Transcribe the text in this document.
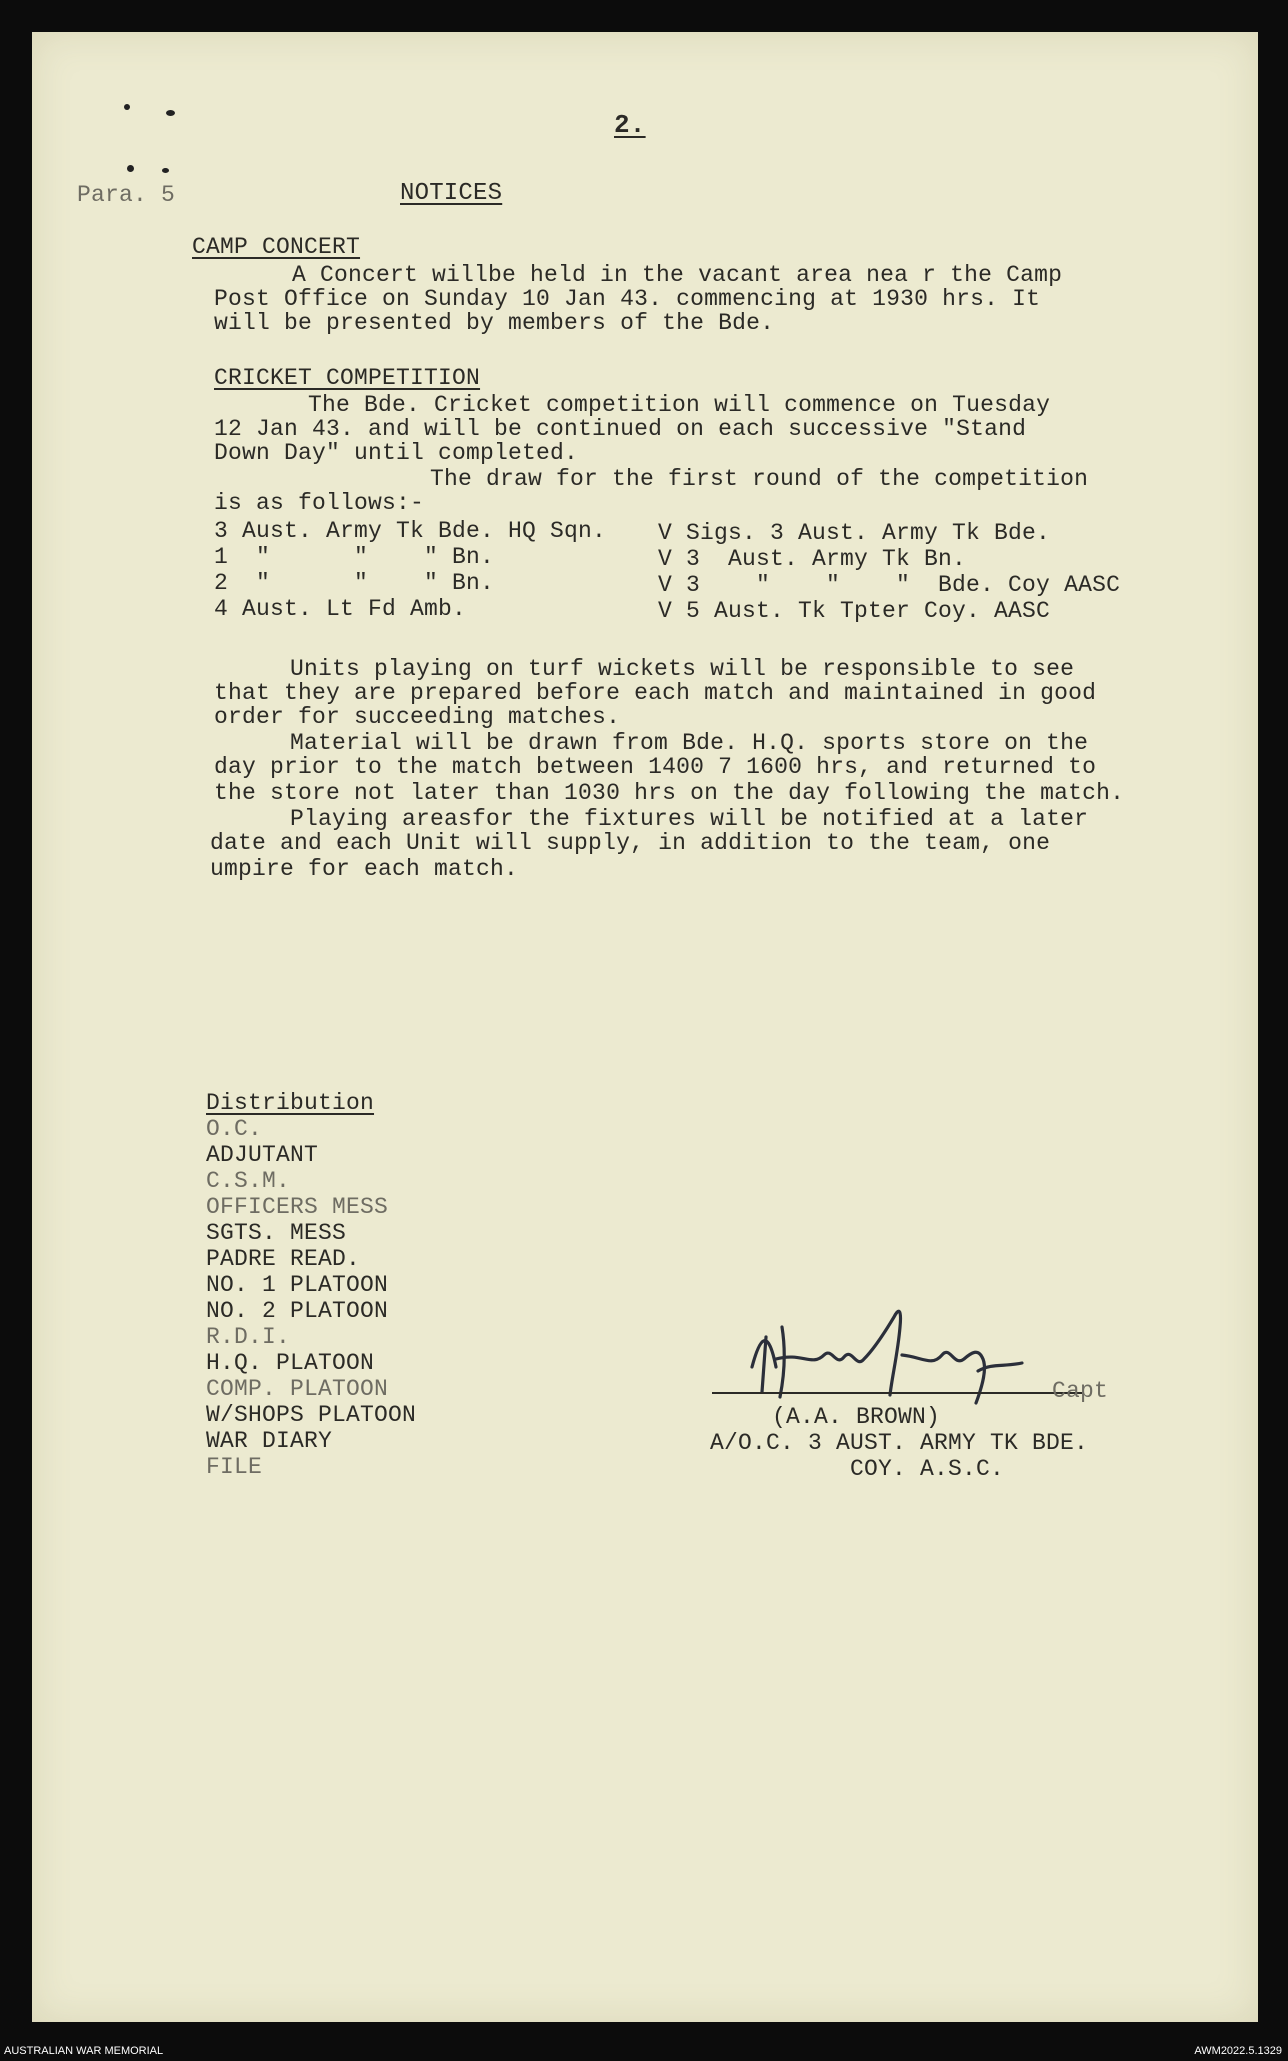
2.
Para. 5	NOTICES
CAMP CONCERT
A Concert willbe held in the vacant area nea r the Camp
Post Office on Sunday 10 Jan 43. commencing at 1930 hrs. It
will be presented by members of the Bde.
CRICKET COMPETITION
The Bde. Cricket competition will commence on Tuesday
12 Jan 43. and will be continued on each successive "Stand
Down Day" until completed.
The draw for the first round of the competition
is as follows:-
3 Aust. Army Tk Bde. HQ Sqn. V Sigs. 3 Aust. Army Tk Bde.
1  "      "    " Bn.	V 3  Aust. Army Tk Bn.
2  "      "    " Bn.	V 3    "    "    "  Bde. Coy AASC
4 Aust. Lt Fd Amb.	V 5 Aust. Tk Tpter Coy. AASC
Units playing on turf wickets will be responsible to see
that they are prepared before each match and maintained in good
order for succeeding matches.
Material will be drawn from Bde. H.Q. sports store on the
day prior to the match between 1400 7 1600 hrs, and returned to
the store not later than 1030 hrs on the day following the match.
Playing areasfor the fixtures will be notified at a later
date and each Unit will supply, in addition to the team, one
umpire for each match.
Distribution
O.C.
ADJUTANT
C.S.M.
OFFICERS MESS
SGTS. MESS
PADRE READ.
NO. 1 PLATOON
NO. 2 PLATOON
R.D.I.
H.Q. PLATOON
COMP. PLATOON
W/SHOPS PLATOON
WAR DIARY
FILE
Capt
(A.A. BROWN)
A/O.C. 3 AUST. ARMY TK BDE.
COY. A.S.C.
AUSTRALIAN WAR MEMORIAL	AWM2022.5.1329
